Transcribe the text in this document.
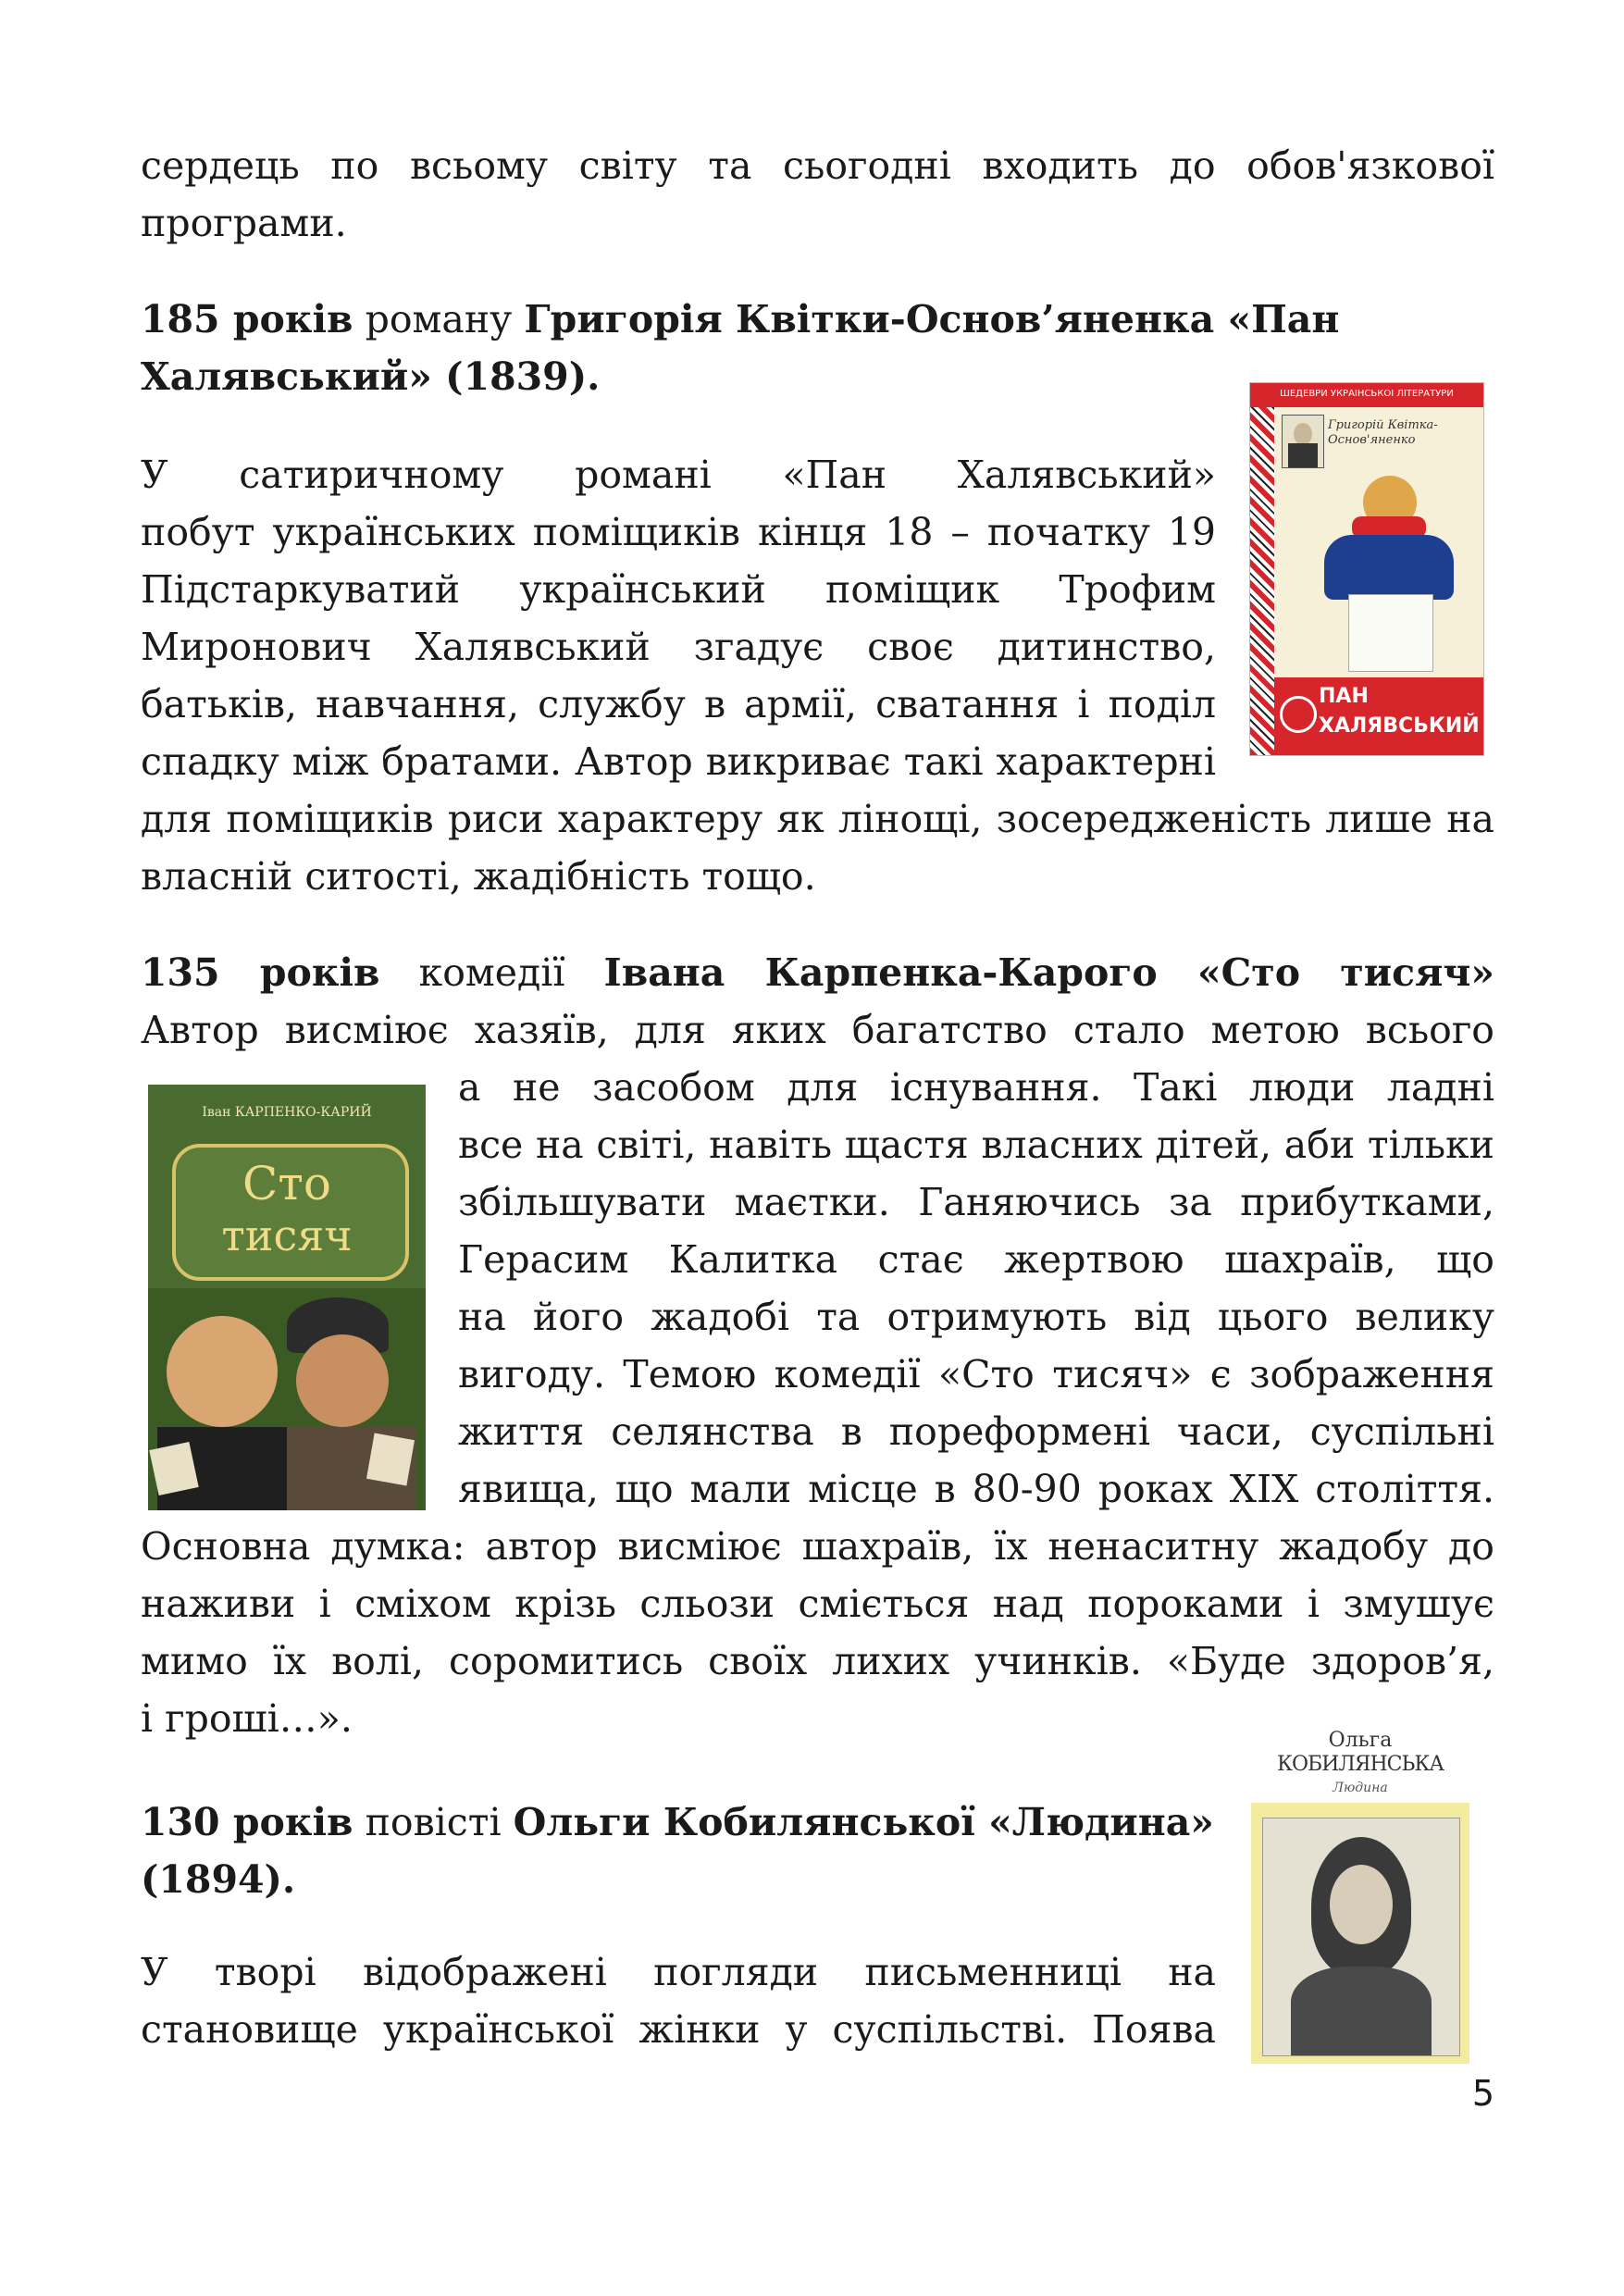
сердець по всьому світу та сьогодні входить до обов'язкової
програми.
185 років роману Григорія Квітки-Основ’яненка «Пан
Халявський» (1839).	ШЕДЕВРИ УКРАЇНСЬКОЇ ЛІТЕРАТУРИ
Григорій Квітка-Основ'яненко
ПАН
ХАЛЯВСЬКИЙ
У сатиричному романі «Пан Халявський»
побут українських поміщиків кінця 18 – початку 19
Підстаркуватий український поміщик Трофим
Миронович Халявський згадує своє дитинство,
батьків, навчання, службу в армії, сватання і поділ
спадку між братами. Автор викриває такі характерні
для поміщиків риси характеру як лінощі, зосередженість лише на
власній ситості, жадібність тощо.
135 років комедії Івана Карпенка-Карого «Сто тисяч»
Автор висміює хазяїв, для яких багатство стало метою всього
Іван КАРПЕНКО-КАРИЙ
Сто
тисяч
а не засобом для існування. Такі люди ладні
все на світі, навіть щастя власних дітей, аби тільки
збільшувати маєтки. Ганяючись за прибутками,
Герасим Калитка стає жертвою шахраїв, що
на його жадобі та отримують від цього велику
вигоду. Темою комедії «Сто тисяч» є зображення
життя селянства в пореформені часи, суспільні
явища, що мали місце в 80-90 роках XIX століття.
Основна думка: автор висміює шахраїв, їх ненаситну жадобу до
наживи і сміхом крізь сльози сміється над пороками і змушує
мимо їх волі, соромитись своїх лихих учинків. «Буде здоров’я,
і гроші…».
130 років повісті Ольги Кобилянської «Людина»
(1894).
Ольга
КОБИЛЯНСЬКА
Людина
У творі відображені погляди письменниці на
становище української жінки у суспільстві. Поява
5
